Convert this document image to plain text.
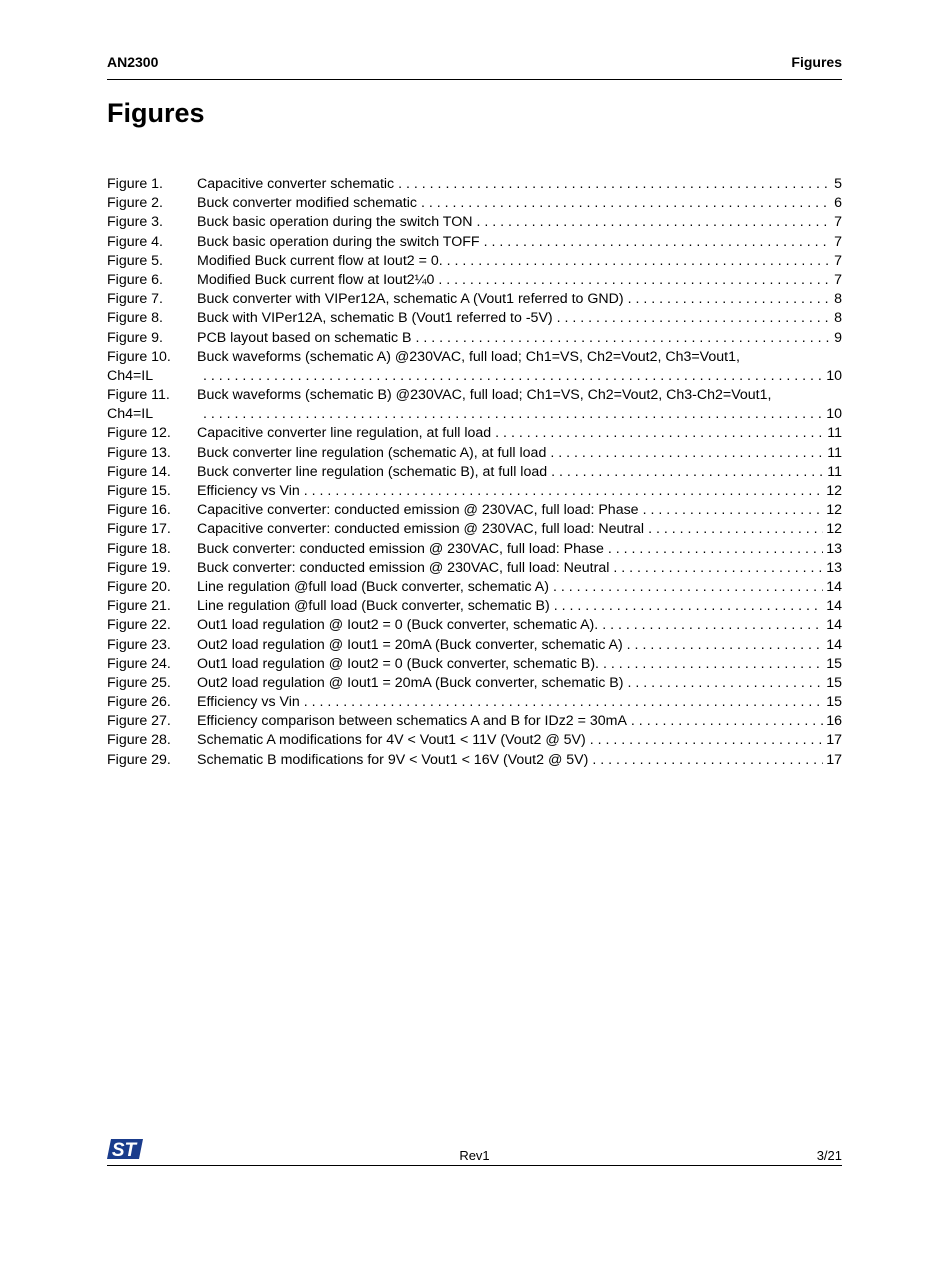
AN2300	Figures
Figures
Figure 1. Capacitive converter schematic . . .	5
Figure 2. Buck converter modified schematic . . .	6
Figure 3. Buck basic operation during the switch TON . . .	7
Figure 4. Buck basic operation during the switch TOFF . . .	7
Figure 5. Modified Buck current flow at Iout2 = 0. . . .	7
Figure 6. Modified Buck current flow at Iout2¼0 . . .	7
Figure 7. Buck converter with VIPer12A, schematic A (Vout1 referred to GND) . . .	8
Figure 8. Buck with VIPer12A, schematic B (Vout1 referred to -5V) . . .	8
Figure 9. PCB layout based on schematic B . . .	9
Figure 10. Buck waveforms (schematic A) @230VAC, full load; Ch1=VS, Ch2=Vout2, Ch3=Vout1,
Ch4=IL . . .	10
Figure 11. Buck waveforms (schematic B) @230VAC, full load; Ch1=VS, Ch2=Vout2, Ch3-Ch2=Vout1,
Ch4=IL . . .	10
Figure 12. Capacitive converter line regulation, at full load . . .	11
Figure 13. Buck converter line regulation (schematic A), at full load . . .	11
Figure 14. Buck converter line regulation (schematic B), at full load . . .	11
Figure 15. Efficiency vs Vin . . .	12
Figure 16. Capacitive converter: conducted emission @ 230VAC, full load: Phase . . .	12
Figure 17. Capacitive converter: conducted emission @ 230VAC, full load: Neutral . . .	12
Figure 18. Buck converter: conducted emission @ 230VAC, full load: Phase . . .	13
Figure 19. Buck converter: conducted emission @ 230VAC, full load: Neutral . . .	13
Figure 20. Line regulation @full load (Buck converter, schematic A) . . .	14
Figure 21. Line regulation @full load (Buck converter, schematic B) . . .	14
Figure 22. Out1 load regulation @ Iout2 = 0 (Buck converter, schematic A). . . .	14
Figure 23. Out2 load regulation @ Iout1 = 20mA (Buck converter, schematic A) . . .	14
Figure 24. Out1 load regulation @ Iout2 = 0 (Buck converter, schematic B). . . .	15
Figure 25. Out2 load regulation @ Iout1 = 20mA (Buck converter, schematic B) . . .	15
Figure 26. Efficiency vs Vin . . .	15
Figure 27. Efficiency comparison between schematics A and B for IDz2 = 30mA . . .	16
Figure 28. Schematic A modifications for 4V < Vout1 < 11V (Vout2 @ 5V) . . .	17
Figure 29. Schematic B modifications for 9V < Vout1 < 16V (Vout2 @ 5V) . . .	17
ST	Rev1	3/21
